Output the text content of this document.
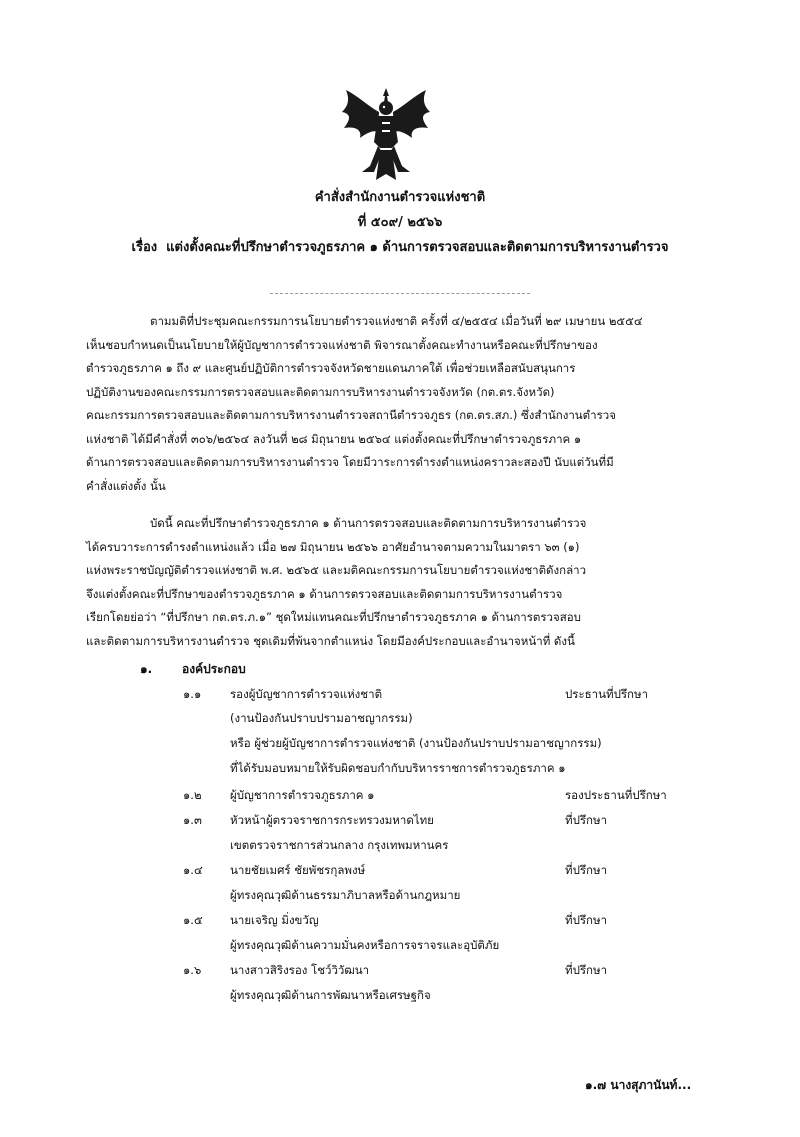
คำสั่งสำนักงานตำรวจแห่งชาติ
ที่ ๕๐๙/ ๒๕๖๖
เรื่อง แต่งตั้งคณะที่ปรึกษาตำรวจภูธรภาค ๑ ด้านการตรวจสอบและติดตามการบริหารงานตำรวจ

ตามมติที่ประชุมคณะกรรมการนโยบายตำรวจแห่งชาติ ครั้งที่ ๔/๒๕๕๔ เมื่อวันที่ ๒๙ เมษายน ๒๕๕๔

เห็นชอบกำหนดเป็นนโยบายให้ผู้บัญชาการตำรวจแห่งชาติ พิจารณาตั้งคณะทำงานหรือคณะที่ปรึกษาของ

ตำรวจภูธรภาค ๑ ถึง ๙ และศูนย์ปฏิบัติการตำรวจจังหวัดชายแดนภาคใต้ เพื่อช่วยเหลือสนับสนุนการ

ปฏิบัติงานของคณะกรรมการตรวจสอบและติดตามการบริหารงานตำรวจจังหวัด (กต.ตร.จังหวัด)

คณะกรรมการตรวจสอบและติดตามการบริหารงานตำรวจสถานีตำรวจภูธร (กต.ตร.สภ.) ซึ่งสำนักงานตำรวจ

แห่งชาติ ได้มีคำสั่งที่ ๓๐๖/๒๕๖๔ ลงวันที่ ๒๘ มิถุนายน ๒๕๖๔ แต่งตั้งคณะที่ปรึกษาตำรวจภูธรภาค ๑

ด้านการตรวจสอบและติดตามการบริหารงานตำรวจ โดยมีวาระการดำรงตำแหน่งคราวละสองปี นับแต่วันที่มี

คำสั่งแต่งตั้ง นั้น

บัดนี้ คณะที่ปรึกษาตำรวจภูธรภาค ๑ ด้านการตรวจสอบและติดตามการบริหารงานตำรวจ

ได้ครบวาระการดำรงตำแหน่งแล้ว เมื่อ ๒๗ มิถุนายน ๒๕๖๖ อาศัยอำนาจตามความในมาตรา ๖๓ (๑)

แห่งพระราชบัญญัติตำรวจแห่งชาติ พ.ศ. ๒๕๖๕ และมติคณะกรรมการนโยบายตำรวจแห่งชาติดังกล่าว

จึงแต่งตั้งคณะที่ปรึกษาของตำรวจภูธรภาค ๑ ด้านการตรวจสอบและติดตามการบริหารงานตำรวจ

เรียกโดยย่อว่า “ที่ปรึกษา กต.ตร.ภ.๑” ชุดใหม่แทนคณะที่ปรึกษาตำรวจภูธรภาค ๑ ด้านการตรวจสอบ

และติดตามการบริหารงานตำรวจ ชุดเดิมที่พ้นจากตำแหน่ง โดยมีองค์ประกอบและอำนาจหน้าที่ ดังนี้

๑. องค์ประกอบ
๑.๑ รองผู้บัญชาการตำรวจแห่งชาติ	ประธานที่ปรึกษา
(งานป้องกันปราบปรามอาชญากรรม)
หรือ ผู้ช่วยผู้บัญชาการตำรวจแห่งชาติ (งานป้องกันปราบปรามอาชญากรรม)
ที่ได้รับมอบหมายให้รับผิดชอบกำกับบริหารราชการตำรวจภูธรภาค ๑
๑.๒ ผู้บัญชาการตำรวจภูธรภาค ๑	รองประธานที่ปรึกษา
๑.๓ หัวหน้าผู้ตรวจราชการกระทรวงมหาดไทย	ที่ปรึกษา
เขตตรวจราชการส่วนกลาง กรุงเทพมหานคร
๑.๔ นายชัยเมศร์ ชัยพัชรกุลพงษ์	ที่ปรึกษา
ผู้ทรงคุณวุฒิด้านธรรมาภิบาลหรือด้านกฎหมาย
๑.๕ นายเจริญ มิ่งขวัญ	ที่ปรึกษา
ผู้ทรงคุณวุฒิด้านความมั่นคงหรือการจราจรและอุบัติภัย
๑.๖ นางสาวสิริงรอง โชว์วิวัฒนา	ที่ปรึกษา
ผู้ทรงคุณวุฒิด้านการพัฒนาหรือเศรษฐกิจ
๑.๗ นางสุภานันท์...
